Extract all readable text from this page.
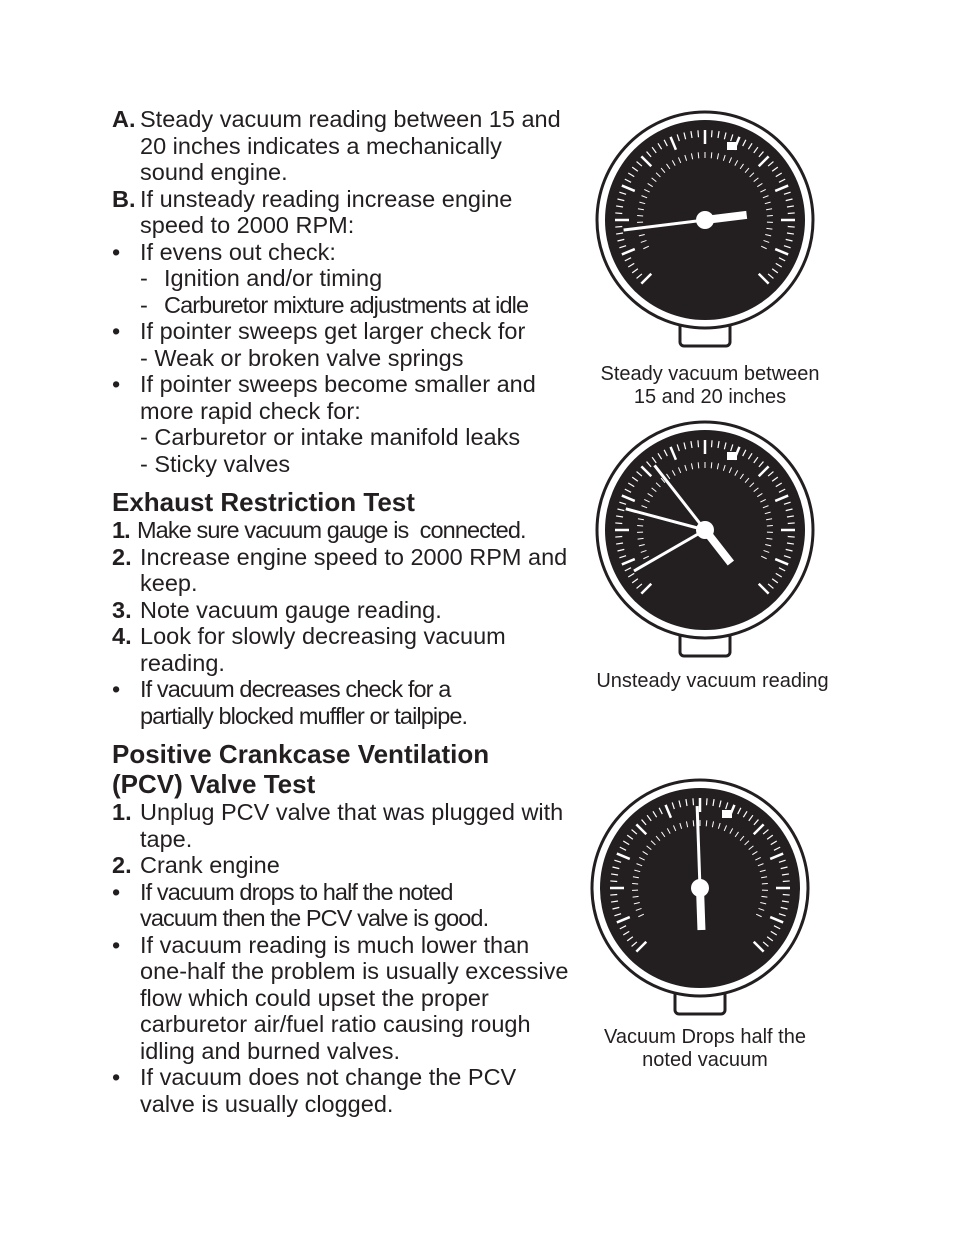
A. Steady vacuum reading between 15 and 20 inches indicates a mechanically sound engine.
B. If unsteady reading increase engine speed to 2000 RPM:
• If evens out check:
- Ignition and/or timing
- Carburetor mixture adjustments at idle
• If pointer sweeps get larger check for
- Weak or broken valve springs
• If pointer sweeps become smaller and more rapid check for:
- Carburetor or intake manifold leaks
- Sticky valves
Exhaust Restriction Test
1. Make sure vacuum gauge is  connected.
2. Increase engine speed to 2000 RPM and keep.
3. Note vacuum gauge reading.
4. Look for slowly decreasing vacuum reading.
• If vacuum decreases check for a partially blocked muffler or tailpipe.
Positive Crankcase Ventilation
(PCV) Valve Test
1. Unplug PCV valve that was plugged with tape.
2. Crank engine
• If vacuum drops to half the noted vacuum then the PCV valve is good.
• If vacuum reading is much lower than one-half the problem is usually excessive flow which could upset the proper carburetor air/fuel ratio causing rough idling and burned valves.
• If vacuum does not change the PCV valve is usually clogged.
Steady vacuum between
15 and 20 inches
Unsteady vacuum reading
Vacuum Drops half the
noted vacuum
